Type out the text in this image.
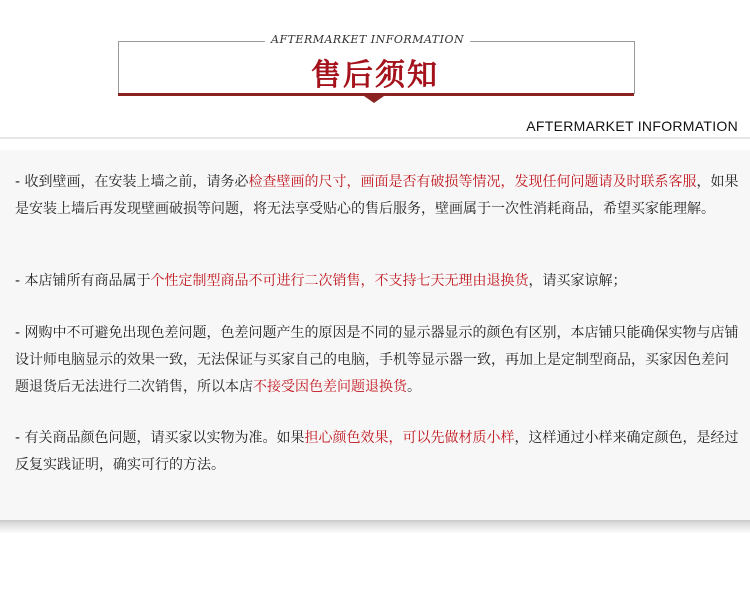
AFTERMARKET INFORMATION
售后须知
AFTERMARKET INFORMATION

- 收到壁画，在安装上墙之前，请务必检查壁画的尺寸，画面是否有破损等情况，发现任何问题请及时联系客服，如果是安装上墙后再发现壁画破损等问题，将无法享受贴心的售后服务，壁画属于一次性消耗商品，希望买家能理解。

- 本店铺所有商品属于个性定制型商品不可进行二次销售，不支持七天无理由退换货，请买家谅解；

- 网购中不可避免出现色差问题，色差问题产生的原因是不同的显示器显示的颜色有区别，本店铺只能确保实物与店铺设计师电脑显示的效果一致，无法保证与买家自己的电脑，手机等显示器一致，再加上是定制型商品，买家因色差问题退货后无法进行二次销售，所以本店不接受因色差问题退换货。

- 有关商品颜色问题，请买家以实物为准。如果担心颜色效果，可以先做材质小样，这样通过小样来确定颜色，是经过反复实践证明，确实可行的方法。
